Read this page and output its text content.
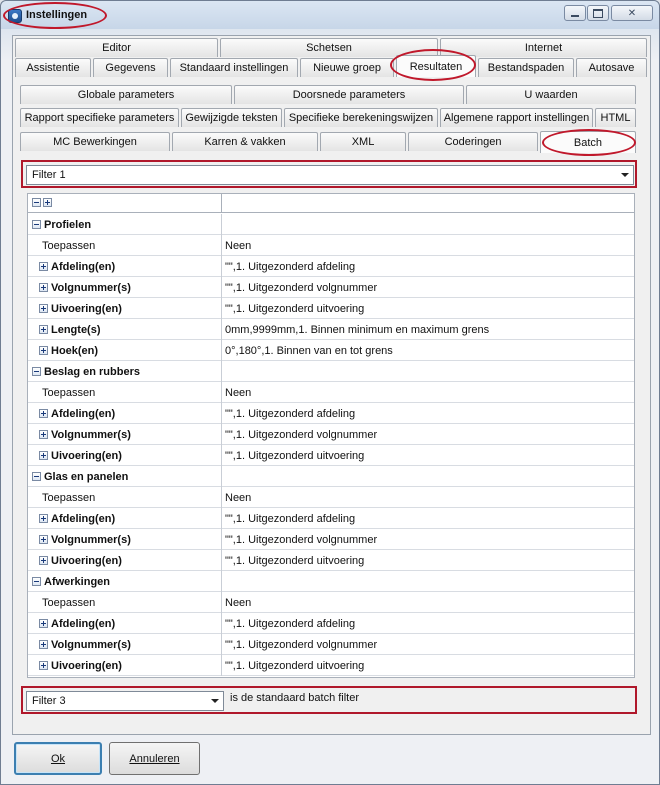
Instellingen	✕
Editor	Schetsen	Internet
Assistentie Gegevens Standaard instellingen Nieuwe groep	Resultaten Bestandspaden Autosave
Globale parameters	Doorsnede parameters	U waarden
Rapport specifieke parameters Gewijzigde teksten Specifieke berekeningswijzen Algemene rapport instellingen HTML
MC Bewerkingen	Karren & vakken	XML	Coderingen	Batch
Filter 1
Profielen
Toepassen	Neen
Afdeling(en)	"",1. Uitgezonderd afdeling
Volgnummer(s)	"",1. Uitgezonderd volgnummer
Uivoering(en)	"",1. Uitgezonderd uitvoering
Lengte(s)	0mm,9999mm,1. Binnen minimum en maximum grens
Hoek(en)	0°,180°,1. Binnen van en tot grens
Beslag en rubbers
Toepassen	Neen
Afdeling(en)	"",1. Uitgezonderd afdeling
Volgnummer(s)	"",1. Uitgezonderd volgnummer
Uivoering(en)	"",1. Uitgezonderd uitvoering
Glas en panelen
Toepassen	Neen
Afdeling(en)	"",1. Uitgezonderd afdeling
Volgnummer(s)	"",1. Uitgezonderd volgnummer
Uivoering(en)	"",1. Uitgezonderd uitvoering
Afwerkingen
Toepassen	Neen
Afdeling(en)	"",1. Uitgezonderd afdeling
Volgnummer(s)	"",1. Uitgezonderd volgnummer
Uivoering(en)	"",1. Uitgezonderd uitvoering
Filter 3	is de standaard batch filter
Ok	Annuleren
